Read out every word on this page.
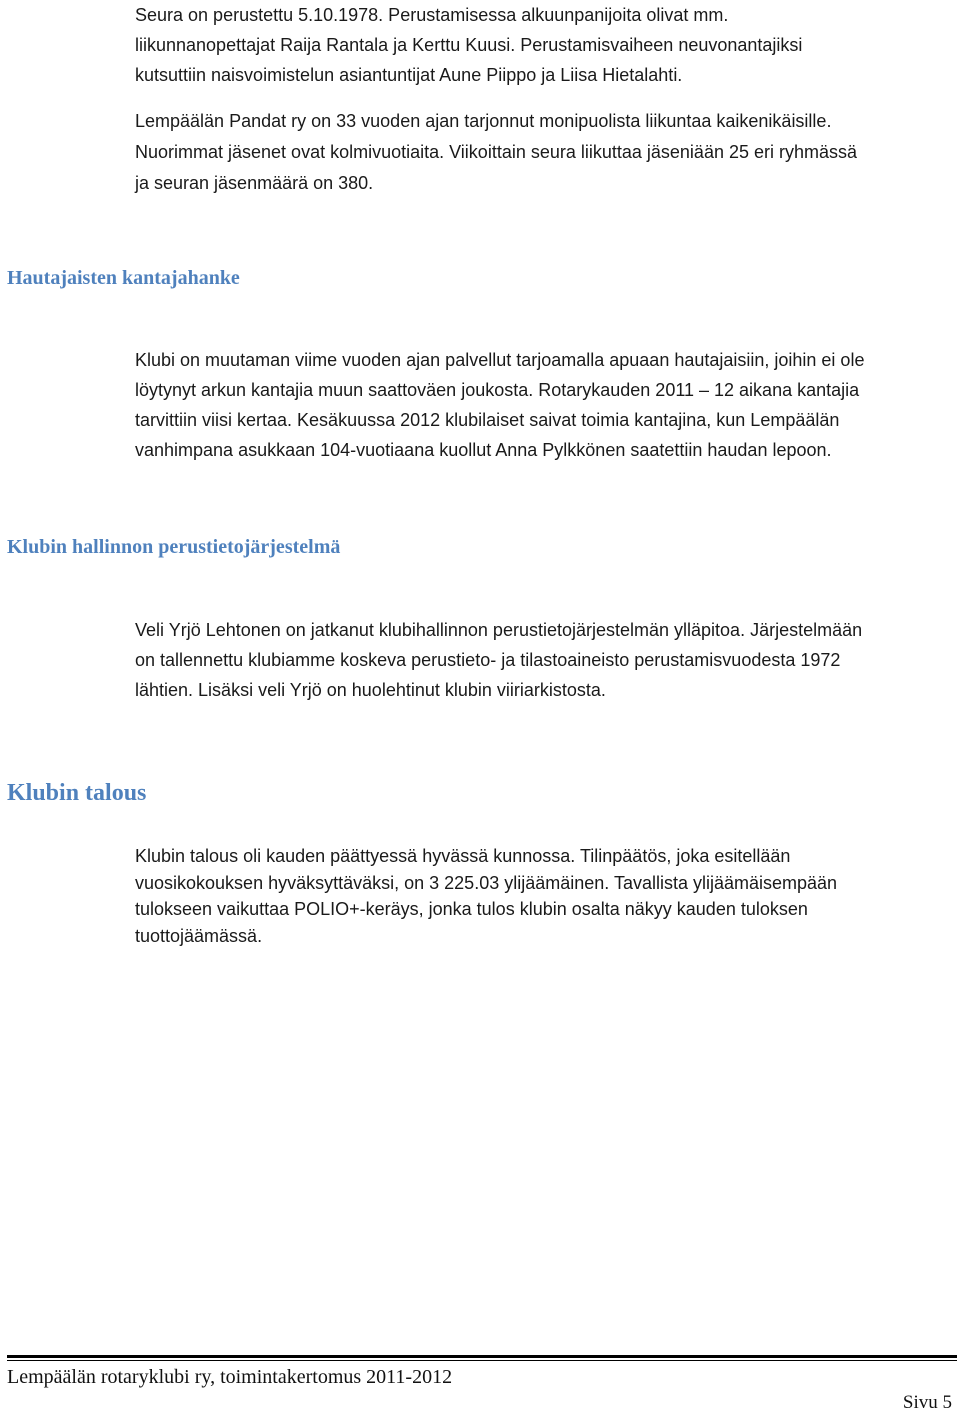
Seura on perustettu 5.10.1978. Perustamisessa alkuunpanijoita olivat mm.
liikunnanopettajat Raija Rantala ja Kerttu Kuusi. Perustamisvaiheen neuvonantajiksi
kutsuttiin naisvoimistelun asiantuntijat Aune Piippo ja Liisa Hietalahti.
Lempäälän Pandat ry on 33 vuoden ajan tarjonnut monipuolista liikuntaa kaikenikäisille.
Nuorimmat jäsenet ovat kolmivuotiaita. Viikoittain seura liikuttaa jäseniään 25 eri ryhmässä
ja seuran jäsenmäärä on 380.
Hautajaisten kantajahanke
Klubi on muutaman viime vuoden ajan palvellut tarjoamalla apuaan hautajaisiin, joihin ei ole
löytynyt arkun kantajia muun saattoväen joukosta. Rotarykauden 2011 – 12 aikana kantajia
tarvittiin viisi kertaa. Kesäkuussa 2012 klubilaiset saivat toimia kantajina, kun Lempäälän
vanhimpana asukkaan 104-vuotiaana kuollut Anna Pylkkönen saatettiin haudan lepoon.
Klubin hallinnon perustietojärjestelmä
Veli Yrjö Lehtonen on jatkanut klubihallinnon perustietojärjestelmän ylläpitoa. Järjestelmään
on tallennettu klubiamme koskeva perustieto- ja tilastoaineisto perustamisvuodesta 1972
lähtien. Lisäksi veli Yrjö on huolehtinut klubin viiriarkistosta.
Klubin talous
Klubin talous oli kauden päättyessä hyvässä kunnossa. Tilinpäätös, joka esitellään
vuosikokouksen hyväksyttäväksi, on 3 225.03 ylijäämäinen. Tavallista ylijäämäisempään
tulokseen vaikuttaa POLIO+-keräys, jonka tulos klubin osalta näkyy kauden tuloksen
tuottojäämässä.
Lempäälän rotaryklubi ry, toimintakertomus 2011-2012
Sivu 5
